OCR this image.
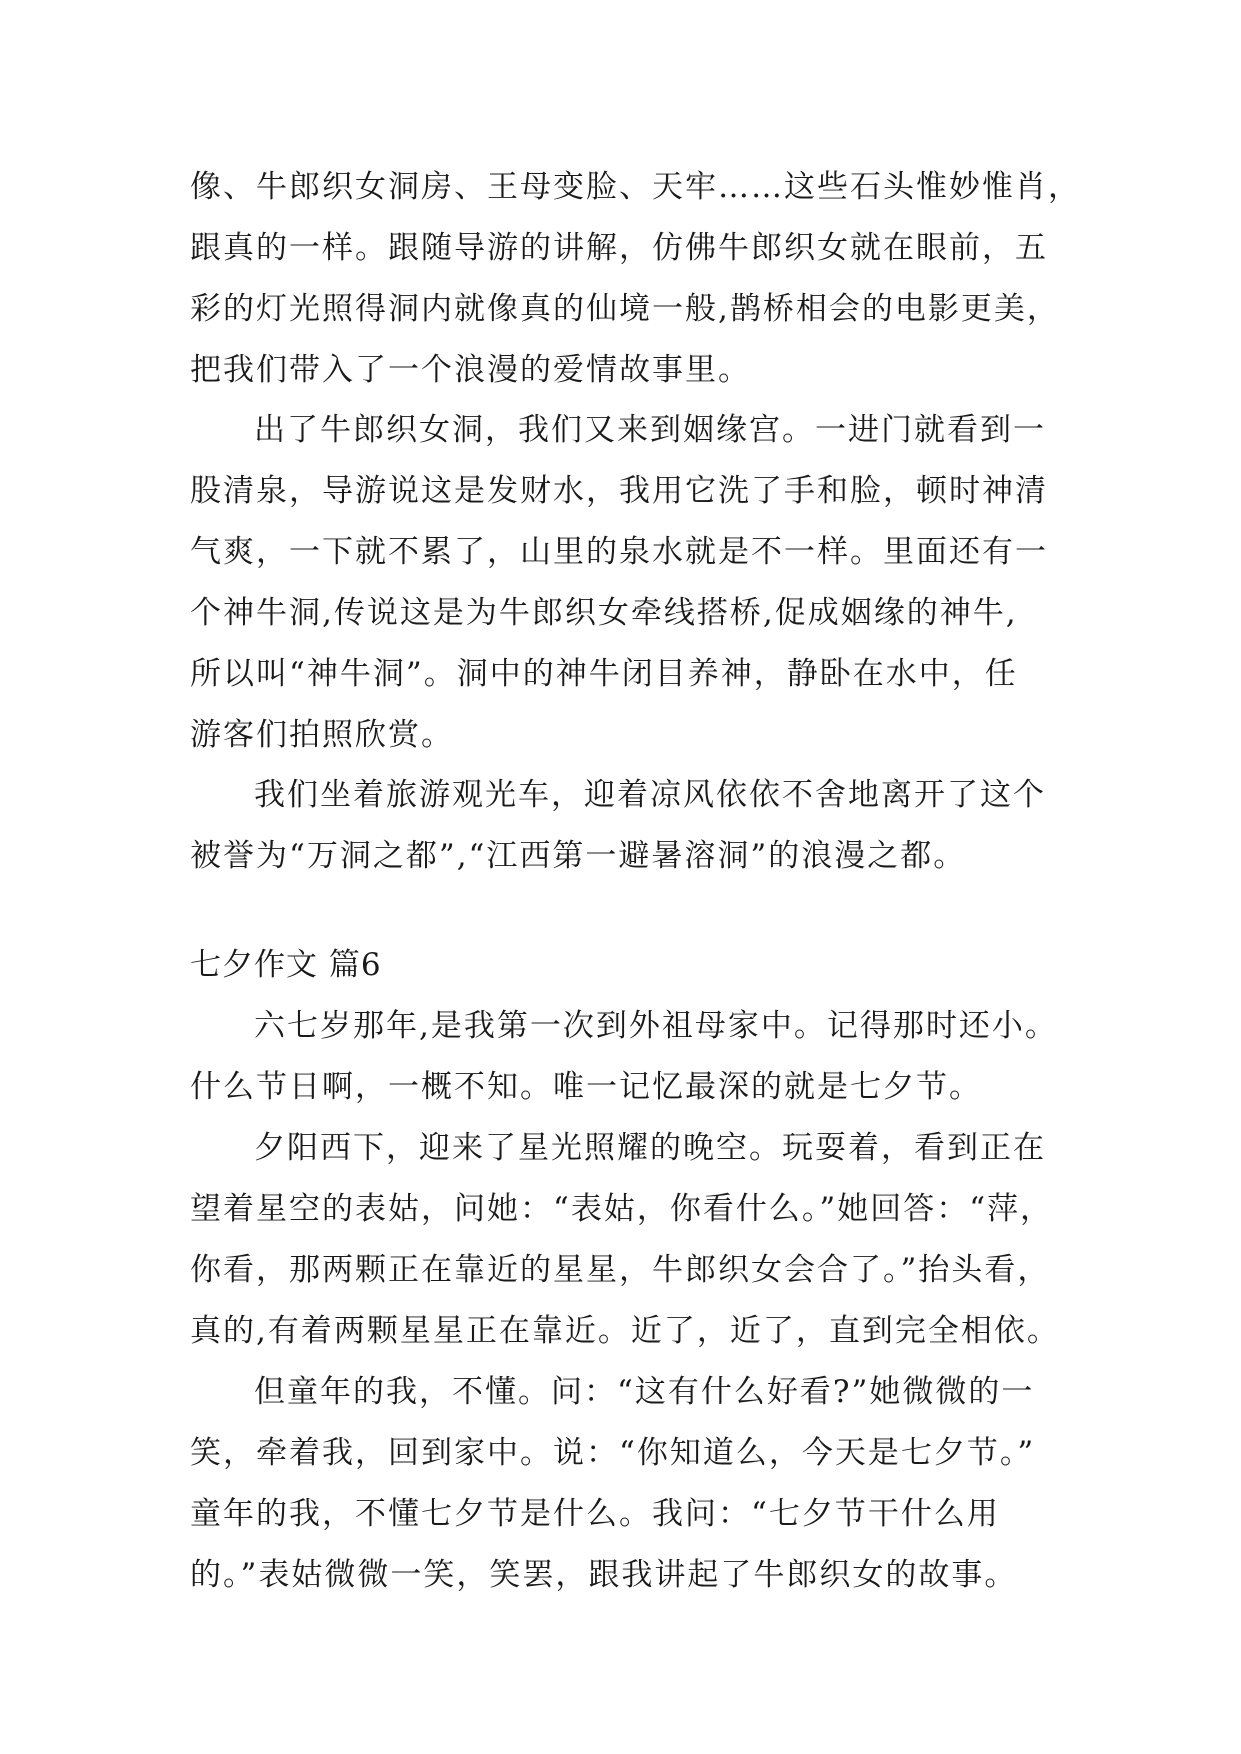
像、牛郎织女洞房、王母变脸、天牢……这些石头惟妙惟肖，
跟真的一样。跟随导游的讲解，仿佛牛郎织女就在眼前，五
彩的灯光照得洞内就像真的仙境一般,鹊桥相会的电影更美，
把我们带入了一个浪漫的爱情故事里。
出了牛郎织女洞，我们又来到姻缘宫。一进门就看到一
股清泉，导游说这是发财水，我用它洗了手和脸，顿时神清
气爽，一下就不累了，山里的泉水就是不一样。里面还有一
个神牛洞,传说这是为牛郎织女牵线搭桥,促成姻缘的神牛,
所以叫“神牛洞”。洞中的神牛闭目养神，静卧在水中，任
游客们拍照欣赏。
我们坐着旅游观光车，迎着凉风依依不舍地离开了这个
被誉为“万洞之都”,“江西第一避暑溶洞”的浪漫之都。
七夕作文 篇6
六七岁那年,是我第一次到外祖母家中。记得那时还小。
什么节日啊，一概不知。唯一记忆最深的就是七夕节。
夕阳西下，迎来了星光照耀的晚空。玩耍着，看到正在
望着星空的表姑，问她：“表姑，你看什么。”她回答：“萍，
你看，那两颗正在靠近的星星，牛郎织女会合了。”抬头看，
真的,有着两颗星星正在靠近。近了，近了，直到完全相依。
但童年的我，不懂。问：“这有什么好看?”她微微的一
笑，牵着我，回到家中。说：“你知道么，今天是七夕节。”
童年的我，不懂七夕节是什么。我问：“七夕节干什么用
的。”表姑微微一笑，笑罢，跟我讲起了牛郎织女的故事。
